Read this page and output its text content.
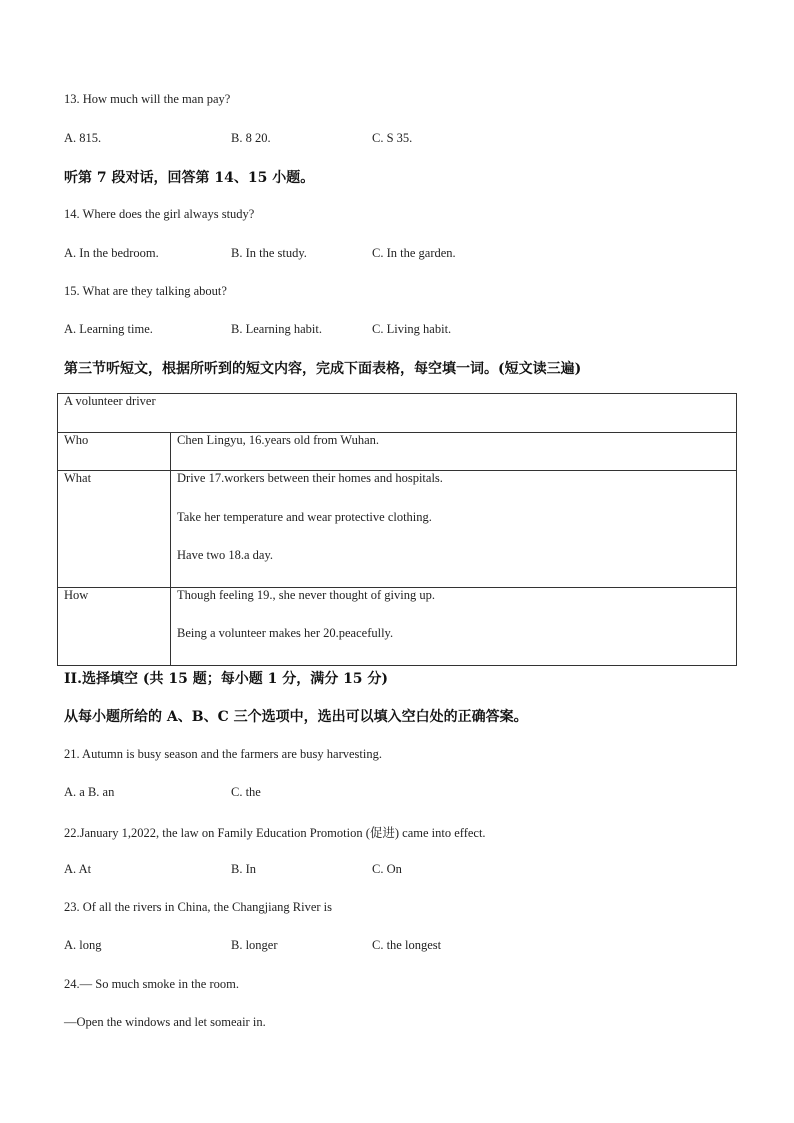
13. How much will the man pay?
A. 815.	B. 8 20.	C. S 35.
听第 7 段对话，回答第 14、15 小题。
14. Where does the girl always study?
A. In the bedroom.	B. In the study.	C. In the garden.
15. What are they talking about?
A. Learning time.	B. Learning habit.	C. Living habit.
第三节听短文，根据所听到的短文内容，完成下面表格，每空填一词。(短文读三遍)
A volunteer driver	
Who	Chen Lingyu, 16.years old from Wuhan.
What	Drive 17.workers between their homes and hospitals.
Take her temperature and wear protective clothing.
Have two 18.a day.

How	Though feeling 19., she never thought of giving up.
Being a volunteer makes her 20.peacefully.
II.选择填空 (共 15 题；每小题 1 分，满分 15 分)
从每小题所给的 A、B、C 三个选项中，选出可以填入空白处的正确答案。
21. Autumn is busy season and the farmers are busy harvesting.
A. a B. an	C. the
22.January 1,2022, the law on Family Education Promotion (促进) came into effect.
A. At	B. In	C. On
23. Of all the rivers in China, the Changjiang River is
A. long	B. longer	C. the longest
24.— So much smoke in the room.
—Open the windows and let someair in.
